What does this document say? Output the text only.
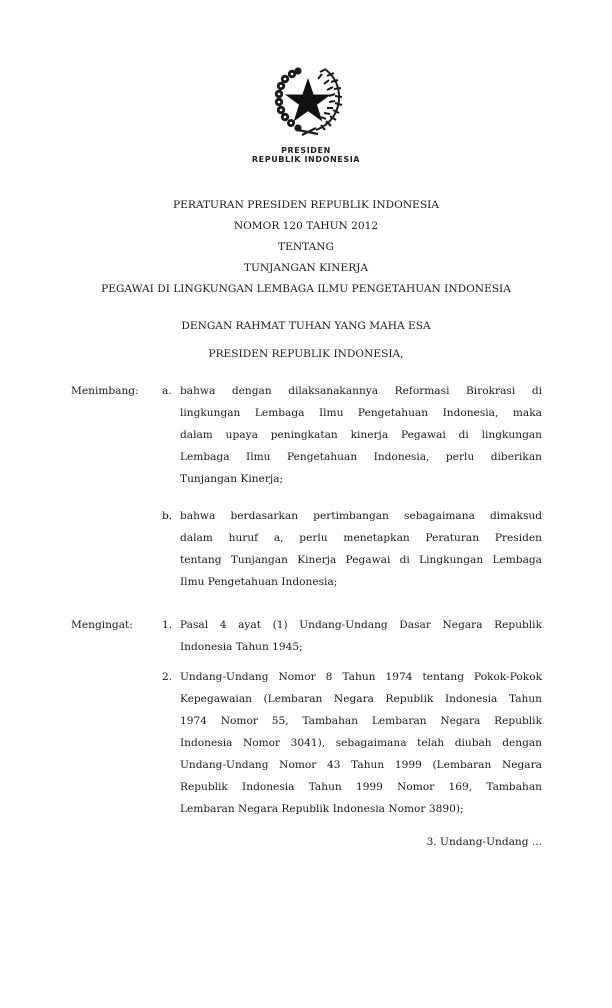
PRESIDEN
REPUBLIK INDONESIA
PERATURAN PRESIDEN REPUBLIK INDONESIA
NOMOR 120 TAHUN 2012
TENTANG
TUNJANGAN KINERJA
PEGAWAI DI LINGKUNGAN LEMBAGA ILMU PENGETAHUAN INDONESIA
DENGAN RAHMAT TUHAN YANG MAHA ESA
PRESIDEN REPUBLIK INDONESIA,
Menimbang: a. bahwa dengan dilaksanakannya Reformasi Birokrasi di
lingkungan Lembaga Ilmu Pengetahuan Indonesia, maka
dalam upaya peningkatan kinerja Pegawai di lingkungan
Lembaga Ilmu Pengetahuan Indonesia, perlu diberikan
Tunjangan Kinerja;
b. bahwa berdasarkan pertimbangan sebagaimana dimaksud
dalam huruf a, perlu menetapkan Peraturan Presiden
tentang Tunjangan Kinerja Pegawai di Lingkungan Lembaga
Ilmu Pengetahuan Indonesia;
Mengingat:	1. Pasal 4 ayat (1) Undang-Undang Dasar Negara Republik
Indonesia Tahun 1945;
2. Undang-Undang Nomor 8 Tahun 1974 tentang Pokok-Pokok
Kepegawaian (Lembaran Negara Republik Indonesia Tahun
1974 Nomor 55, Tambahan Lembaran Negara Republik
Indonesia Nomor 3041), sebagaimana telah diubah dengan
Undang-Undang Nomor 43 Tahun 1999 (Lembaran Negara
Republik Indonesia Tahun 1999 Nomor 169, Tambahan
Lembaran Negara Republik Indonesia Nomor 3890);
3. Undang-Undang ...
